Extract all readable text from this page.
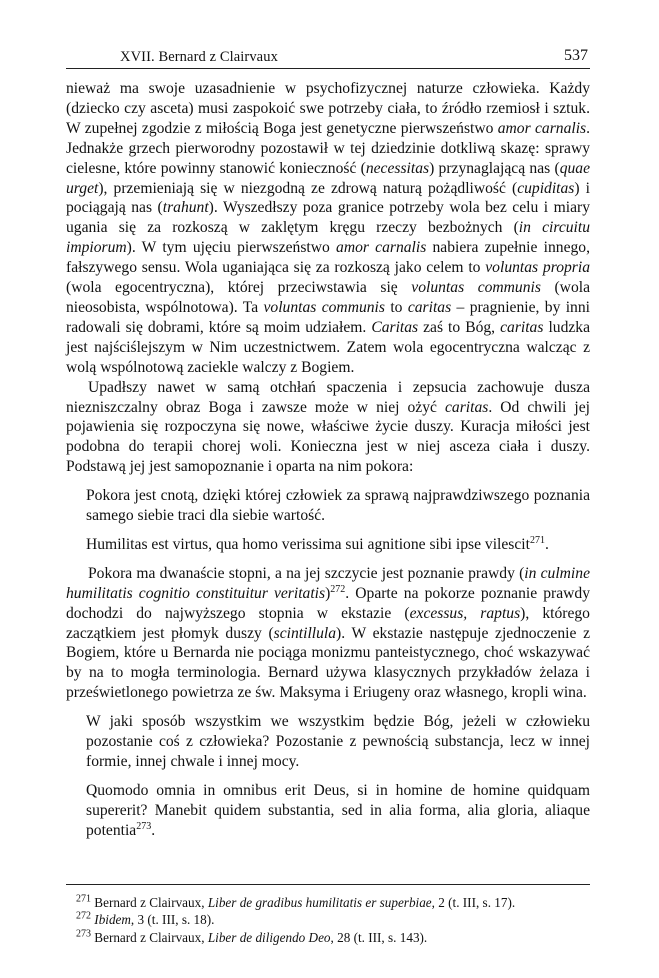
XVII. Bernard z Clairvaux	537

nieważ ma swoje uzasadnienie w psychofizycznej naturze człowieka. Każdy (dziecko czy asceta) musi zaspokoić swe potrzeby ciała, to źródło rzemiosł i sztuk. W zupełnej zgodzie z miłością Boga jest genetyczne pierwszeństwo amor carnalis. Jednakże grzech pierworodny pozostawił w tej dziedzinie dotkliwą skazę: sprawy cielesne, które powinny stanowić konieczność (necessitas) przynaglającą nas (quae urget), przemieniają się w niezgodną ze zdrową naturą pożądliwość (cupiditas) i pociągają nas (trahunt). Wyszedłszy poza granice potrzeby wola bez celu i miary ugania się za rozkoszą w zaklętym kręgu rzeczy bezbożnych (in circuitu impiorum). W tym ujęciu pierwszeństwo amor carnalis nabiera zupełnie innego, fałszywego sensu. Wola uganiająca się za rozkoszą jako celem to voluntas propria (wola egocentryczna), której przeciwstawia się voluntas communis (wola nieosobista, wspólnotowa). Ta voluntas communis to caritas – pragnienie, by inni radowali się dobrami, które są moim udziałem. Caritas zaś to Bóg, caritas ludzka jest najściślejszym w Nim uczestnictwem. Zatem wola egocentryczna walcząc z wolą wspólnotową zaciekle walczy z Bogiem.

Upadłszy nawet w samą otchłań spaczenia i zepsucia zachowuje dusza niezniszczalny obraz Boga i zawsze może w niej ożyć caritas. Od chwili jej pojawienia się rozpoczyna się nowe, właściwe życie duszy. Kuracja miłości jest podobna do terapii chorej woli. Konieczna jest w niej asceza ciała i duszy. Podstawą jej jest samopoznanie i oparta na nim pokora:

Pokora jest cnotą, dzięki której człowiek za sprawą najprawdziwszego poznania samego siebie traci dla siebie wartość.

Humilitas est virtus, qua homo verissima sui agnitione sibi ipse vilescit$^{271}$.

Pokora ma dwanaście stopni, a na jej szczycie jest poznanie prawdy (in culmine humilitatis cognitio constituitur veritatis)$^{272}$. Oparte na pokorze poznanie prawdy dochodzi do najwyższego stopnia w ekstazie (excessus, raptus), którego zaczątkiem jest płomyk duszy (scintillula). W ekstazie następuje zjednoczenie z Bogiem, które u Bernarda nie pociąga monizmu panteistycznego, choć wskazywać by na to mogła terminologia. Bernard używa klasycznych przykładów żelaza i prześwietlonego powietrza ze św. Maksyma i Eriugeny oraz własnego, kropli wina.

W jaki sposób wszystkim we wszystkim będzie Bóg, jeżeli w człowieku pozostanie coś z człowieka? Pozostanie z pewnością substancja, lecz w innej formie, innej chwale i innej mocy.

Quomodo omnia in omnibus erit Deus, si in homine de homine quidquam supererit? Manebit quidem substantia, sed in alia forma, alia gloria, aliaque potentia$^{273}$.

$^{271}$ Bernard z Clairvaux, Liber de gradibus humilitatis er superbiae, 2 (t. III, s. 17).

$^{272}$ Ibidem, 3 (t. III, s. 18).

$^{273}$ Bernard z Clairvaux, Liber de diligendo Deo, 28 (t. III, s. 143).
